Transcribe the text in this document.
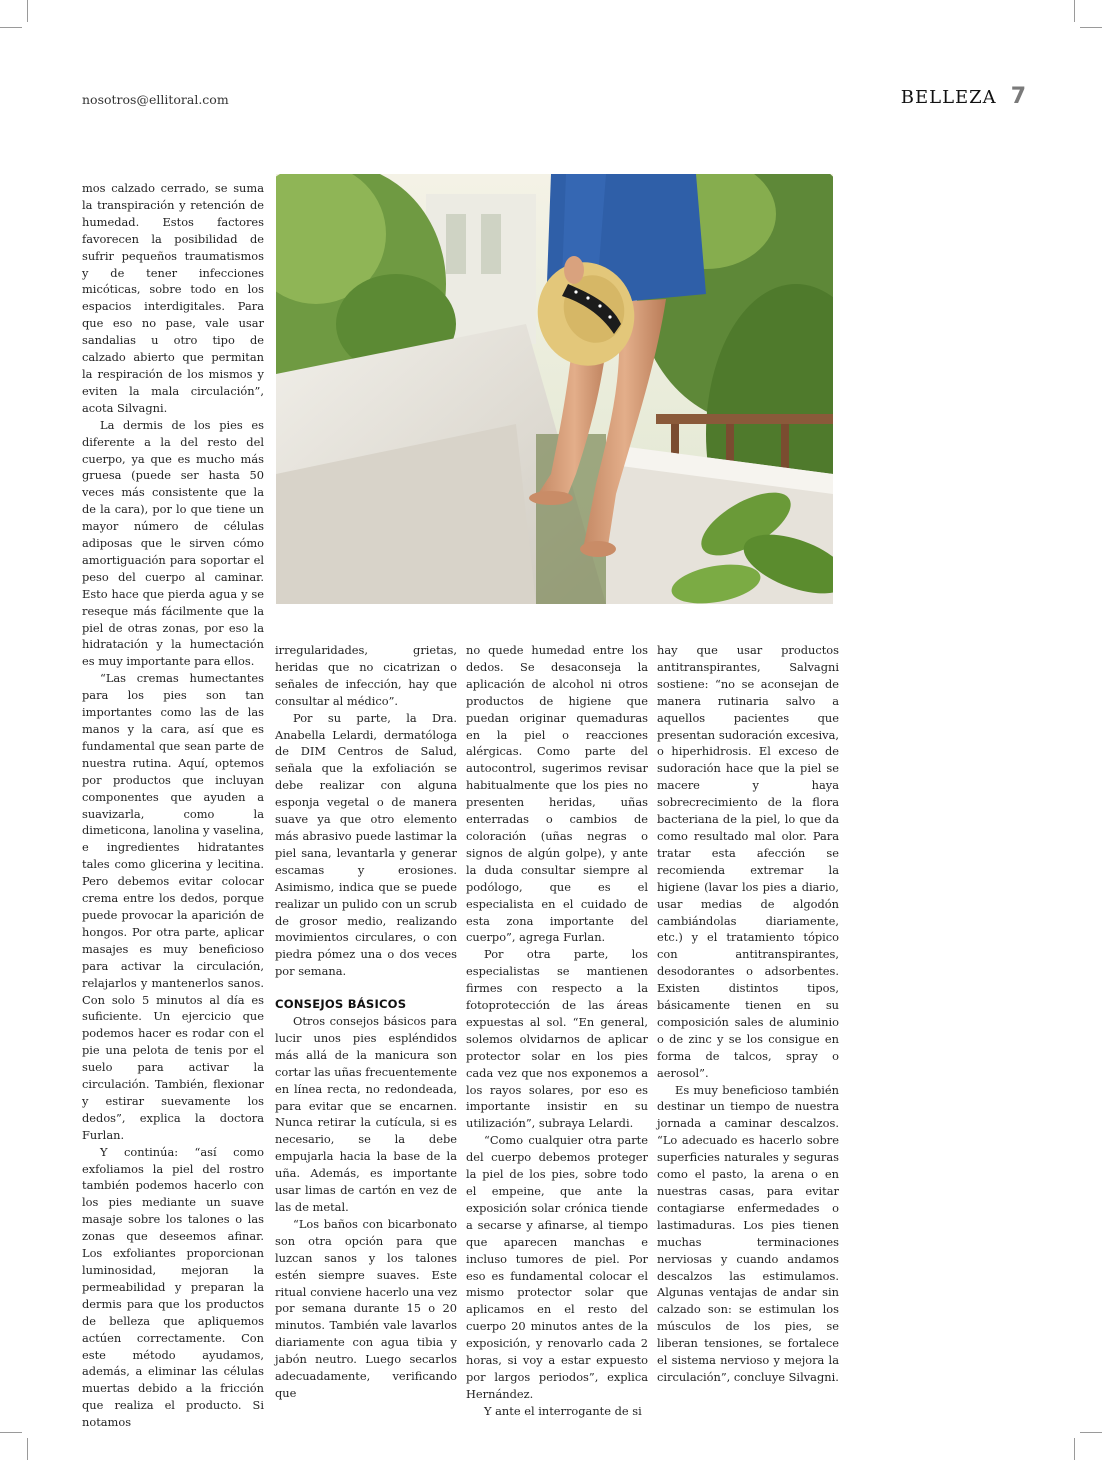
nosotros@ellitoral.com	BELLEZA 7

mos calzado cerrado, se suma la transpiración y retención de humedad. Estos factores favorecen la posibilidad de sufrir pequeños traumatismos y de tener infecciones micóticas, sobre todo en los espacios interdigitales. Para que eso no pase, vale usar sandalias u otro tipo de calzado abierto que permitan la respiración de los mismos y eviten la mala circulación”, acota Silvagni.

La dermis de los pies es diferente a la del resto del cuerpo, ya que es mucho más gruesa (puede ser hasta 50 veces más consistente que la de la cara), por lo que tiene un mayor número de células adiposas que le sirven cómo amortiguación para soportar el peso del cuerpo al caminar. Esto hace que pierda agua y se reseque más fácilmente que la piel de otras zonas, por eso la hidratación y la humectación es muy importante para ellos.

“Las cremas humectantes para los pies son tan importantes como las de las manos y la cara, así que es fundamental que sean parte de nuestra rutina. Aquí, optemos por productos que incluyan componentes que ayuden a suavizarla, como la dimeticona, lanolina y vaselina, e ingredientes hidratantes tales como glicerina y lecitina. Pero debemos evitar colocar crema entre los dedos, porque puede provocar la aparición de hongos. Por otra parte, aplicar masajes es muy beneficioso para activar la circulación, relajarlos y mantenerlos sanos. Con solo 5 minutos al día es suficiente. Un ejercicio que podemos hacer es rodar con el pie una pelota de tenis por el suelo para activar la circulación. También, flexionar y estirar suevamente los dedos”, explica la doctora Furlan.

Y continúa: “así como exfoliamos la piel del rostro también podemos hacerlo con los pies mediante un suave masaje sobre los talones o las zonas que deseemos afinar. Los exfoliantes proporcionan luminosidad, mejoran la permeabilidad y preparan la dermis para que los productos de belleza que apliquemos actúen correctamente. Con este método ayudamos, además, a eliminar las células muertas debido a la fricción que realiza el producto. Si notamos

irregularidades, grietas, heridas que no cicatrizan o señales de infección, hay que consultar al médico”.

Por su parte, la Dra. Anabella Lelardi, dermatóloga de DIM Centros de Salud, señala que la exfoliación se debe realizar con alguna esponja vegetal o de manera suave ya que otro elemento más abrasivo puede lastimar la piel sana, levantarla y generar escamas y erosiones. Asimismo, indica que se puede realizar un pulido con un scrub de grosor medio, realizando movimientos circulares, o con piedra pómez una o dos veces por semana.

CONSEJOS BÁSICOS

Otros consejos básicos para lucir unos pies espléndidos más allá de la manicura son cortar las uñas frecuentemente en línea recta, no redondeada, para evitar que se encarnen. Nunca retirar la cutícula, si es necesario, se la debe empujarla hacia la base de la uña. Además, es importante usar limas de cartón en vez de las de metal.

“Los baños con bicarbonato son otra opción para que luzcan sanos y los talones estén siempre suaves. Este ritual conviene hacerlo una vez por semana durante 15 o 20 minutos. También vale lavarlos diariamente con agua tibia y jabón neutro. Luego secarlos adecuadamente, verificando que

no quede humedad entre los dedos. Se desaconseja la aplicación de alcohol ni otros productos de higiene que puedan originar quemaduras en la piel o reacciones alérgicas. Como parte del autocontrol, sugerimos revisar habitualmente que los pies no presenten heridas, uñas enterradas o cambios de coloración (uñas negras o signos de algún golpe), y ante la duda consultar siempre al podólogo, que es el especialista en el cuidado de esta zona importante del cuerpo”, agrega Furlan.

Por otra parte, los especialistas se mantienen firmes con respecto a la fotoprotección de las áreas expuestas al sol. “En general, solemos olvidarnos de aplicar protector solar en los pies cada vez que nos exponemos a los rayos solares, por eso es importante insistir en su utilización”, subraya Lelardi.

“Como cualquier otra parte del cuerpo debemos proteger la piel de los pies, sobre todo el empeine, que ante la exposición solar crónica tiende a secarse y afinarse, al tiempo que aparecen manchas e incluso tumores de piel. Por eso es fundamental colocar el mismo protector solar que aplicamos en el resto del cuerpo 20 minutos antes de la exposición, y renovarlo cada 2 horas, si voy a estar expuesto por largos periodos”, explica Hernández.

Y ante el interrogante de si

hay que usar productos antitranspirantes, Salvagni sostiene: “no se aconsejan de manera rutinaria salvo a aquellos pacientes que presentan sudoración excesiva, o hiperhidrosis. El exceso de sudoración hace que la piel se macere y haya sobrecrecimiento de la flora bacteriana de la piel, lo que da como resultado mal olor. Para tratar esta afección se recomienda extremar la higiene (lavar los pies a diario, usar medias de algodón cambiándolas diariamente, etc.) y el tratamiento tópico con antitranspirantes, desodorantes o adsorbentes. Existen distintos tipos, básicamente tienen en su composición sales de aluminio o de zinc y se los consigue en forma de talcos, spray o aerosol”.

Es muy beneficioso también destinar un tiempo de nuestra jornada a caminar descalzos. “Lo adecuado es hacerlo sobre superficies naturales y seguras como el pasto, la arena o en nuestras casas, para evitar contagiarse enfermedades o lastimaduras. Los pies tienen muchas terminaciones nerviosas y cuando andamos descalzos las estimulamos. Algunas ventajas de andar sin calzado son: se estimulan los músculos de los pies, se liberan tensiones, se fortalece el sistema nervioso y mejora la circulación”, concluye Silvagni.
